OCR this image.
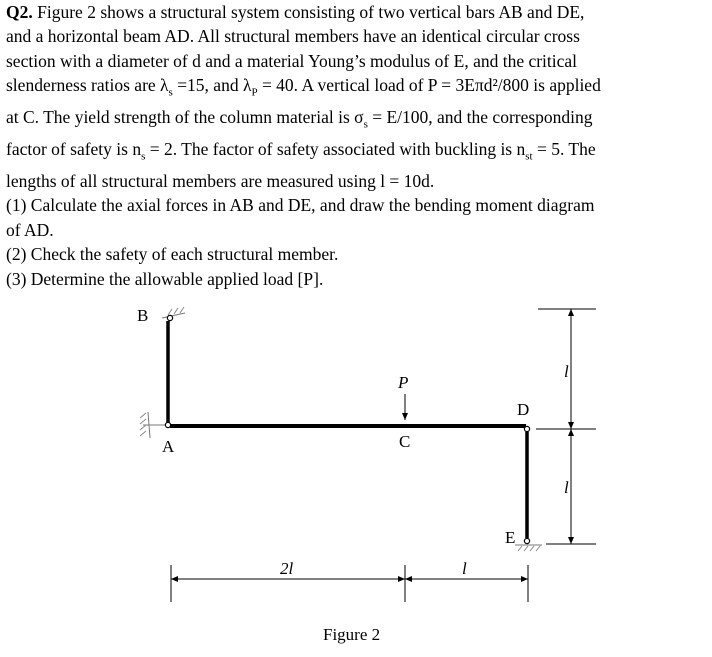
Q2. Figure 2 shows a structural system consisting of two vertical bars AB and DE,

and a horizontal beam AD. All structural members have an identical circular cross

section with a diameter of d and a material Young’s modulus of E, and the critical

slenderness ratios are $\lambda_s =15$, and $\lambda_P = 40$. A vertical load of P = 3Eπd²/800 is applied

at C. The yield strength of the column material is $\sigma_s = E/100$, and the corresponding

factor of safety is $n_s = 2$. The factor of safety associated with buckling is $n_{st} = 5$. The

lengths of all structural members are measured using l = 10d.

(1) Calculate the axial forces in AB and DE, and draw the bending moment diagram

of AD.

(2) Check the safety of each structural member.

(3) Determine the allowable applied load [P].

B
A	C
P
D
E
2l	l
l
l
Figure 2
